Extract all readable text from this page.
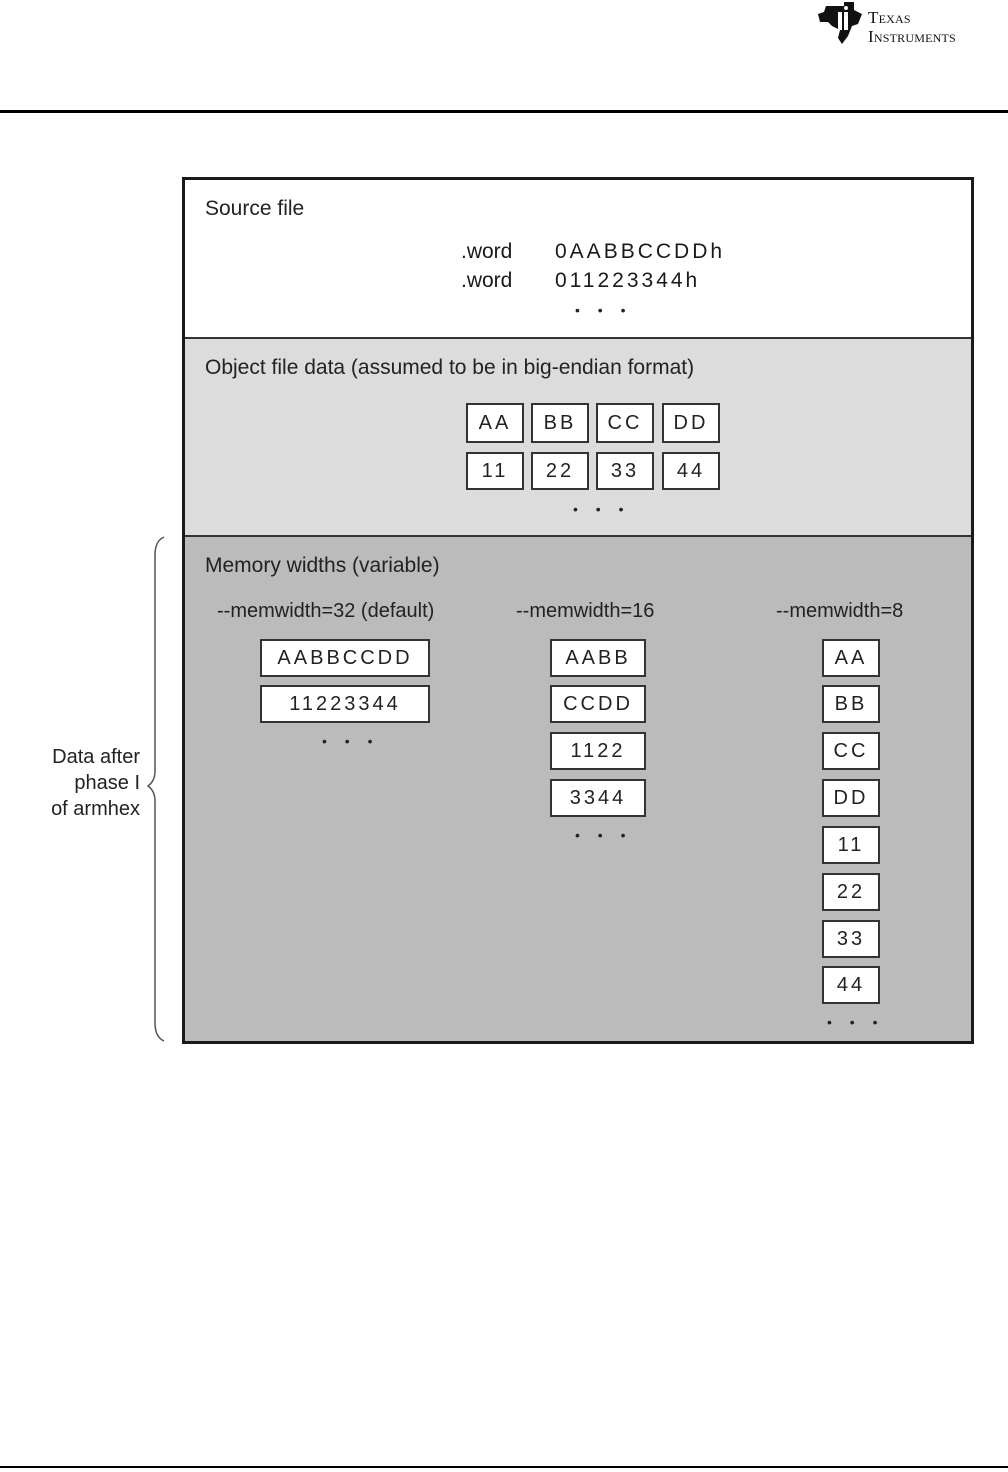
Texas
Instruments
Data after
phase I
of armhex
Source file
.word 0AABBCCDDh
.word 011223344h
• • •
Object file data (assumed to be in big-endian format)
AA	BB	CC	DD
11	22	33	44
• • •
Memory widths (variable)
--memwidth=32 (default)
AABBCCDD
11223344
• • •
--memwidth=16
AABB
CCDD
1122
3344
• • •
--memwidth=8
AA
BB
CC
DD
11
22
33
44
• • •
